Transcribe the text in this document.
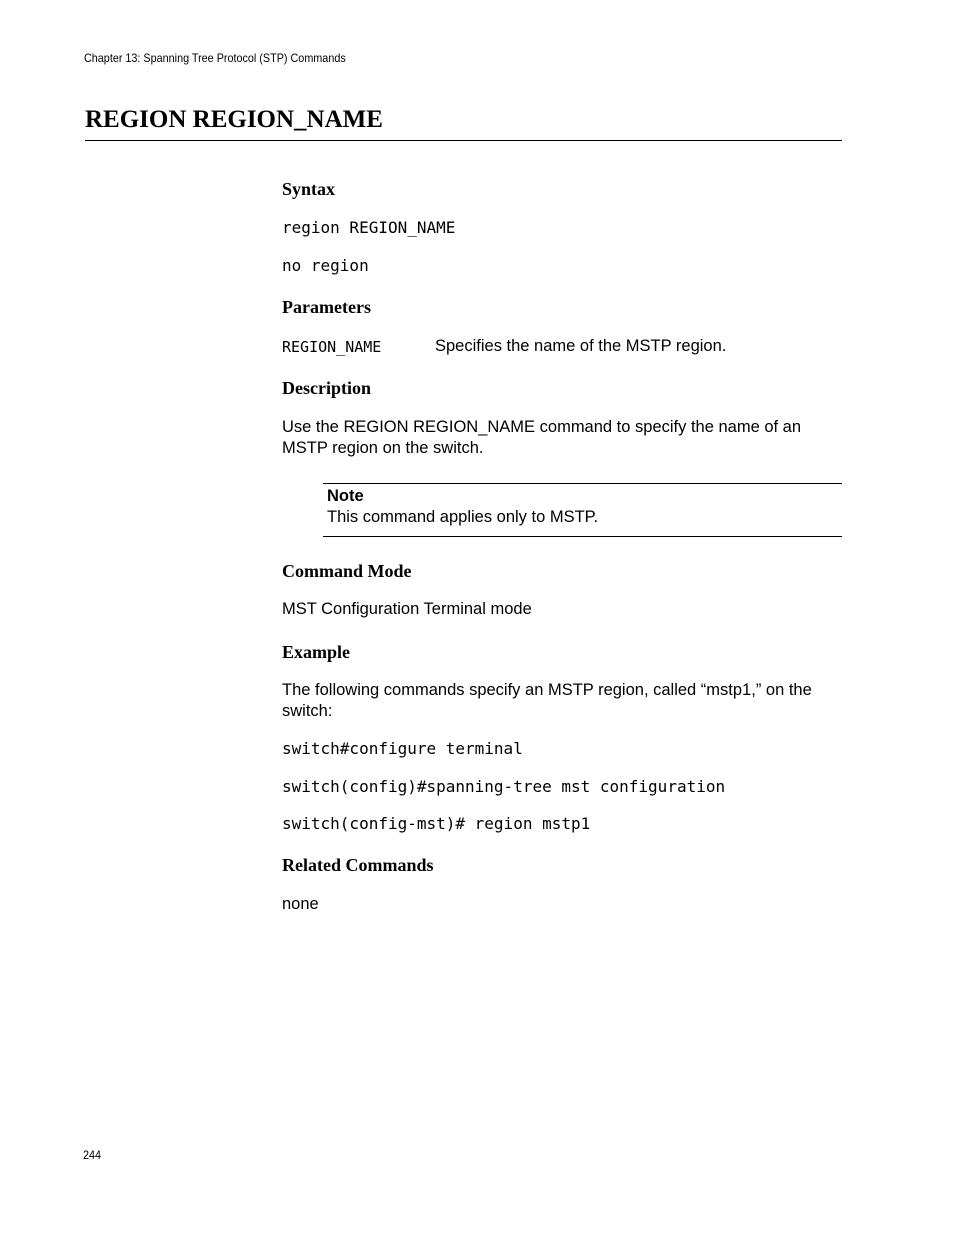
Chapter 13: Spanning Tree Protocol (STP) Commands
REGION REGION_NAME
Syntax
region REGION_NAME
no region
Parameters
REGION_NAME	Specifies the name of the MSTP region.
Description
Use the REGION REGION_NAME command to specify the name of an MSTP region on the switch.
Note
This command applies only to MSTP.
Command Mode
MST Configuration Terminal mode
Example
The following commands specify an MSTP region, called “mstp1,” on the switch:
switch#configure terminal
switch(config)#spanning-tree mst configuration
switch(config-mst)# region mstp1
Related Commands
none
244
